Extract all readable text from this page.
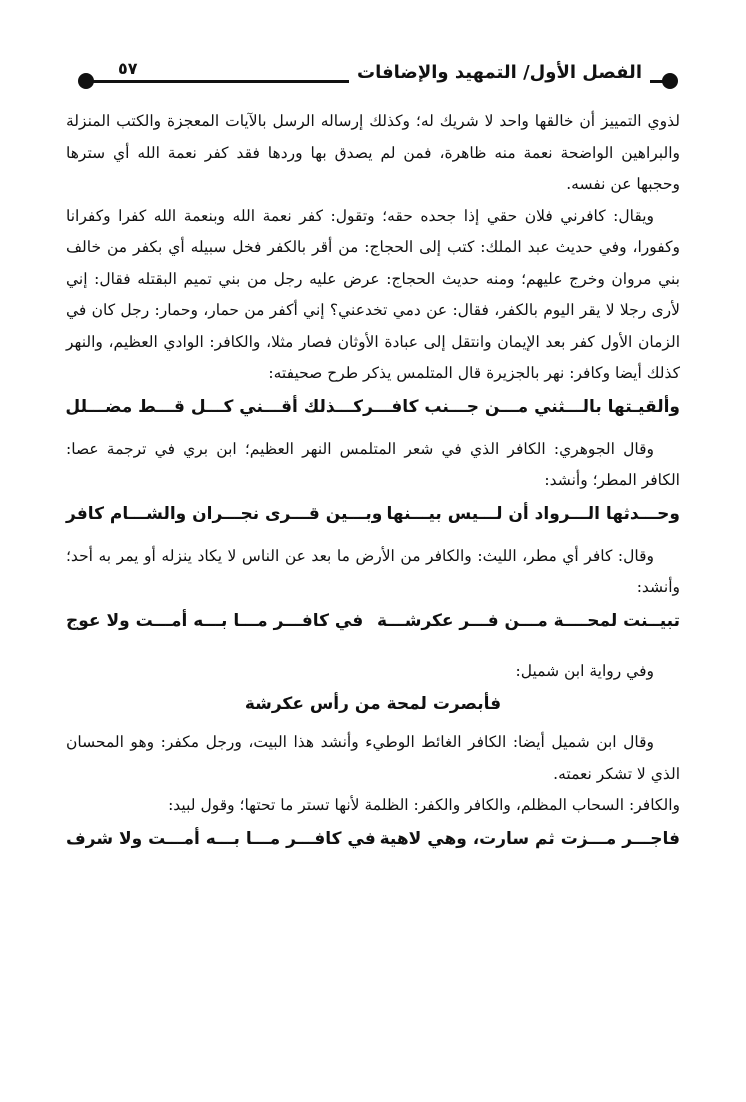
الفصل الأول/ التمهيد والإضافات
٥٧

لذوي التمييز أن خالقها واحد لا شريك له؛ وكذلك إرساله الرسل بالآيات المعجزة والكتب المنزلة والبراهين الواضحة نعمة منه ظاهرة، فمن لم يصدق بها وردها فقد كفر نعمة الله أي سترها وحجبها عن نفسه.

ويقال: كافرني فلان حقي إذا جحده حقه؛ وتقول: كفر نعمة الله وبنعمة الله كفرا وكفرانا وكفورا، وفي حديث عبد الملك: كتب إلى الحجاج: من أقر بالكفر فخل سبيله أي بكفر من خالف بني مروان وخرج عليهم؛ ومنه حديث الحجاج: عرض عليه رجل من بني تميم البقتله فقال: إني لأرى رجلا لا يقر اليوم بالكفر، فقال: عن دمي تخدعني؟ إني أكفر من حمار، وحمار: رجل كان في الزمان الأول كفر بعد الإيمان وانتقل إلى عبادة الأوثان فصار مثلا، والكافر: الوادي العظيم، والنهر كذلك أيضا وكافر: نهر بالجزيرة قال المتلمس يذكر طرح صحيفته:

وألقيـتها بالـــثني مـــن جـــنب كافـــر
كـــذلك أقـــني كـــل قـــط مضـــلل

وقال الجوهري: الكافر الذي في شعر المتلمس النهر العظيم؛ ابن بري في ترجمة عصا: الكافر المطر؛ وأنشد:

وحـــدثها الـــرواد أن لـــيس بيـــنها
وبـــين قـــرى نجـــران والشـــام كافر

وقال: كافر أي مطر، الليث: والكافر من الأرض ما بعد عن الناس لا يكاد ينزله أو يمر به أحد؛ وأنشد:

تبيــنت لمحــــة مـــن فـــر عكرشـــة
في كافـــر مـــا بـــه أمـــت ولا عوج

وفي رواية ابن شميل:

فأبصرت لمحة من رأس عكرشة

وقال ابن شميل أيضا: الكافر الغائط الوطيء وأنشد هذا البيت، ورجل مكفر: وهو المحسان الذي لا تشكر نعمته.

والكافر: السحاب المظلم، والكافر والكفر: الظلمة لأنها تستر ما تحتها؛ وقول لبيد:

فاجـــر مـــزت ثم سارت، وهي لاهية
في كافـــر مـــا بـــه أمـــت ولا شرف
